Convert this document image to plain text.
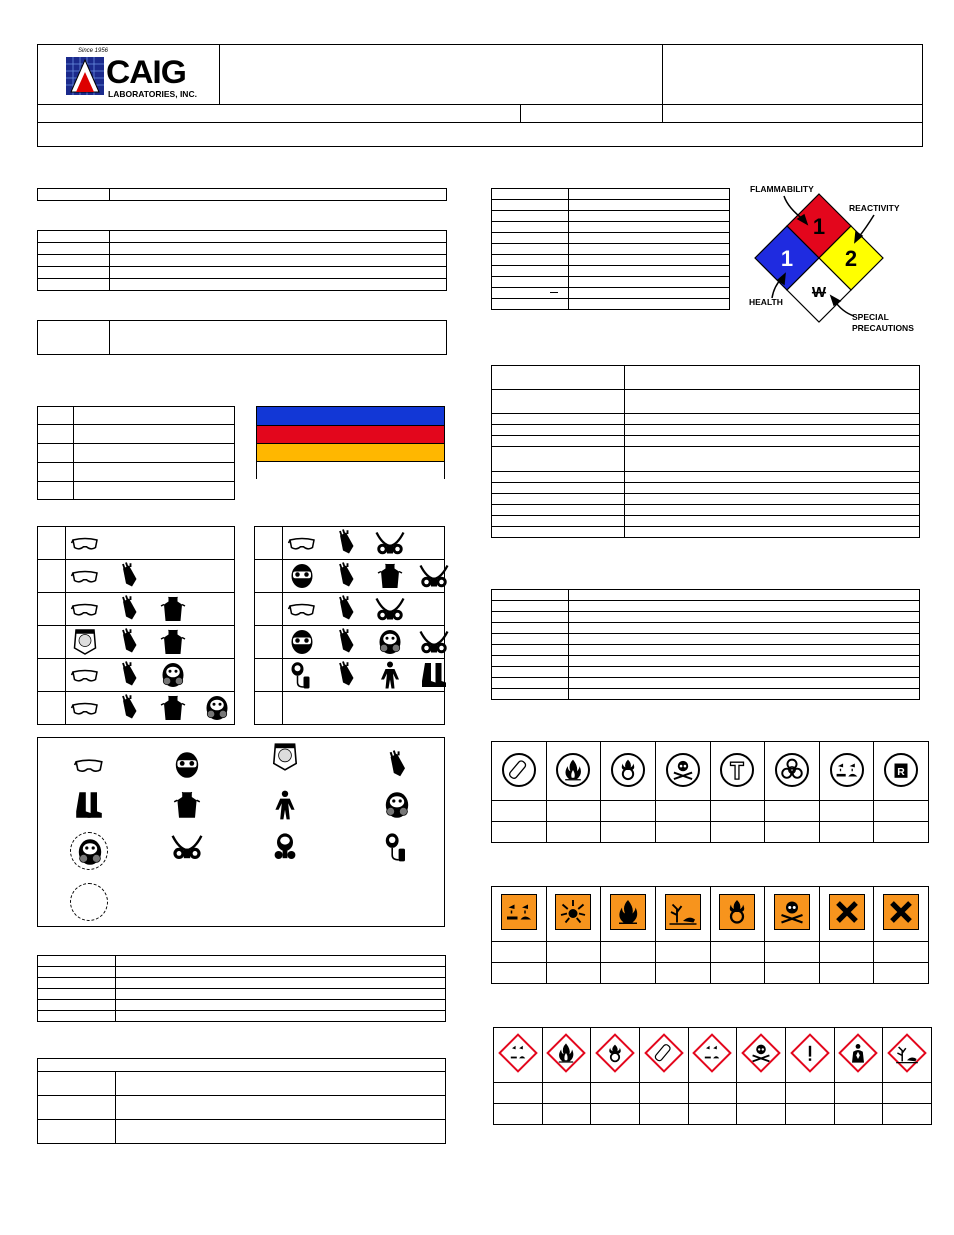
Since 1956
CAIG
LABORATORIES, INC.

1
1 2
W
FLAMMABILITY
REACTIVITY
HEALTH
SPECIAL
PRECAUTIONS

R
